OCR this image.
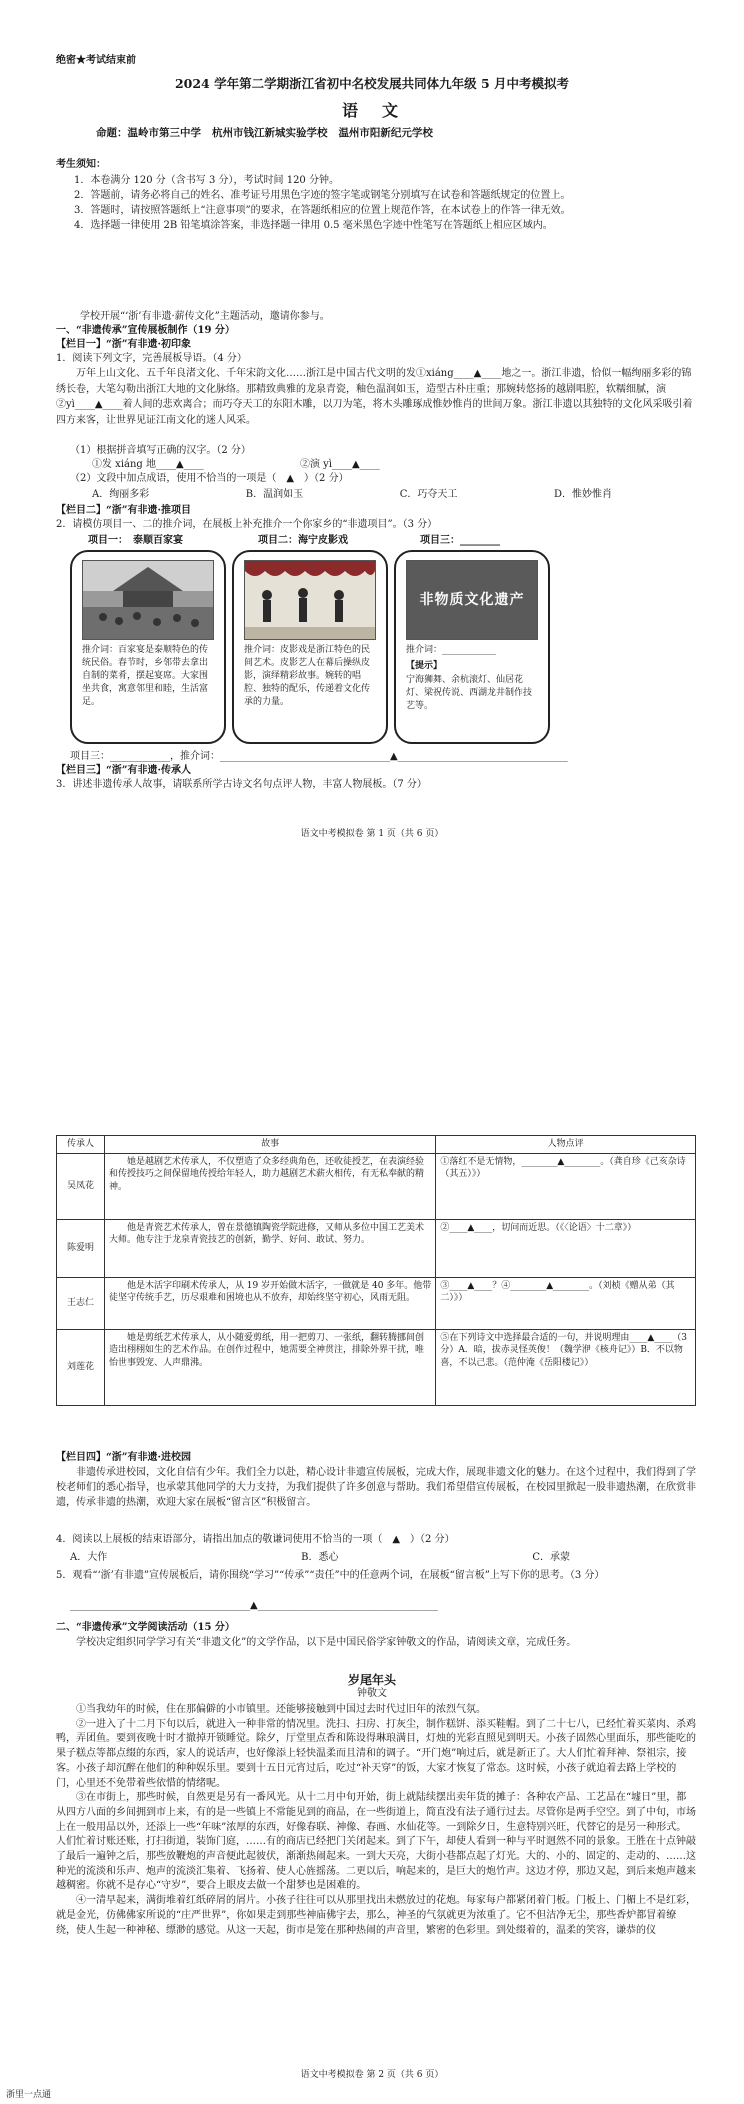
绝密★考试结束前
2024 学年第二学期浙江省初中名校发展共同体九年级 5 月中考模拟考
语　文
命题：温岭市第三中学 杭州市钱江新城实验学校 温州市阳新纪元学校
考生须知：
1．本卷满分 120 分（含书写 3 分），考试时间 120 分钟。
2．答题前，请务必将自己的姓名、准考证号用黑色字迹的签字笔或钢笔分别填写在试卷和答题纸规定的位置上。
3．答题时，请按照答题纸上“注意事项”的要求，在答题纸相应的位置上规范作答，在本试卷上的作答一律无效。
4．选择题一律使用 2B 铅笔填涂答案，非选择题一律用 0.5 毫米黑色字迹中性笔写在答题纸上相应区域内。
学校开展“‘浙’有非遗·薪传文化”主题活动，邀请你参与。
一、“非遗传承”宣传展板制作（19 分）
【栏目一】“浙”有非遗·初印象
1．阅读下列文字，完善展板导语。（4 分）
万年上山文化、五千年良渚文化、千年宋韵文化……浙江是中国古代文明的发①xiáng____▲____地之一。浙江非遗，恰似一幅绚丽多彩的锦绣长卷，大笔勾勒出浙江大地的文化脉络。那精致典雅的龙泉青瓷，釉色温润如玉，造型古朴庄重；那婉转悠扬的越剧唱腔，软糯细腻，演②yì____▲____着人间的悲欢离合；而巧夺天工的东阳木雕，以刀为笔，将木头雕琢成惟妙惟肖的世间万象。浙江非遗以其独特的文化风采吸引着四方来客，让世界见证江南文化的迷人风采。
（1）根据拼音填写正确的汉字。（2 分）
①发 xiáng 地____▲____	②演 yì____▲____
（2）文段中加点成语，使用不恰当的一项是（　▲　）（2 分）
A．绚丽多彩	B．温润如玉	C．巧夺天工	D．惟妙惟肖
【栏目二】“浙”有非遗·推项目
2．请模仿项目一、二的推介词，在展板上补充推介一个你家乡的“非遗项目”。（3 分）
项目一：　泰顺百家宴	项目二：海宁皮影戏	项目三：________
推介词：百家宴是泰顺特色的传统民俗。春节时，乡邻带去拿出自制的菜肴，摆起宴席。大家围坐共食，寓意邻里和睦，生活富足。
推介词：皮影戏是浙江特色的民间艺术。皮影艺人在幕后操纵皮影，演绎精彩故事。婉转的唱腔、独特的配乐，传递着文化传承的力量。
非物质文化遗产
推介词：____________
【提示】
宁海狮舞、余杭滚灯、仙居花灯、梁祝传说、西湖龙井制作技艺等。
项目三：____________，推介词：__________________________________▲__________________________________
【栏目三】“浙”有非遗·传承人
3．讲述非遗传承人故事，请联系所学古诗文名句点评人物，丰富人物展板。（7 分）
语文中考模拟卷 第 1 页（共 6 页）
传承人	故事	人物点评
吴凤花	她是越剧艺术传承人，不仅塑造了众多经典角色，还收徒授艺，在表演经验和传授技巧之间保留地传授给年轻人，助力越剧艺术薪火相传，有无私奉献的精神。	①落红不是无情物，________▲________。（龚自珍《己亥杂诗（其五）》）
陈爱明	他是青瓷艺术传承人，曾在景德镇陶瓷学院进修，又师从多位中国工艺美术大师。他专注于龙泉青瓷技艺的创新，勤学、好问、敢试、努力。	②____▲____，切问而近思。（《〈论语〉十二章》）
王志仁	他是木活字印刷术传承人，从 19 岁开始做木活字，一做就是 40 多年。他带徒坚守传统手艺，历尽艰难和困境也从不放弃，却始终坚守初心，风雨无阻。	③____▲____？④________▲________。（刘桢《赠从弟（其二）》）
刘莲花	她是剪纸艺术传承人，从小随爱剪纸，用一把剪刀、一张纸，翻转腾挪间创造出栩栩如生的艺术作品。在创作过程中，她需要全神贯注，排除外界干扰，唯怡世事毁宠、人声鼎沸。	⑤在下列诗文中选择最合适的一句，并说明理由____▲____（3 分）A．暗，拔赤灵怪英俊！（魏学洢《核舟记》）B．不以物喜，不以己悲。（范仲淹《岳阳楼记》）
【栏目四】“浙”有非遗·进校园
非遗传承进校园，文化自信有少年。我们全力以赴，精心设计非遗宣传展板，完成大作，展现非遗文化的魅力。在这个过程中，我们得到了学校老师们的悉心指导，也承蒙其他同学的大力支持，为我们提供了许多创意与帮助。我们希望借宣传展板，在校园里掀起一股非遗热潮，在欣赏非遗，传承非遗的热潮，欢迎大家在展板“留言区”积极留言。
4．阅读以上展板的结束语部分，请指出加点的敬谦词使用不恰当的一项（　▲　）（2 分）
A．大作	B．悉心	C．承蒙
5．观看“‘浙’有非遗”宣传展板后，请你围绕“学习”“传承”“责任”中的任意两个词，在展板“留言板”上写下你的思考。（3 分）
____________________________________▲____________________________________
二、“非遗传承”文学阅读活动（15 分）
学校决定组织同学学习有关“非遗文化”的文学作品，以下是中国民俗学家钟敬文的作品，请阅读文章，完成任务。
岁尾年头
钟敬文
①当我幼年的时候，住在那偏僻的小市镇里。还能够接触到中国过去时代过旧年的浓烈气氛。
②一进入了十二月下旬以后，就进入一种非常的情况里。洗扫、扫房、打灰尘，制作糕饼、添买鞋帽。到了二十七八，已经忙着买菜肉、杀鸡鸭，弄团鱼。要到夜晚十时才撤掉开锁睡觉。除夕，厅堂里点香和陈设得琳琅满目，灯烛的光彩直照见到明天。小孩子固然心里面乐，那些能吃的果子糕点等都点缀的东西，家人的说话声，也好像添上轻快温柔而且清和的调子。“开门炮”响过后，就是新正了。大人们忙着拜神、祭祖宗，接客。小孩子却沉醉在他们的种种娱乐里。要到十五日元宵过后，吃过“补天穿”的饭，大家才恢复了常态。这时候，小孩子就迫着去路上学校的门，心里还不免带着些依惜的情绪呢。
③在市街上，那些时候，自然更是另有一番风光。从十二月中旬开始，街上就陆续摆出卖年货的摊子：各种农产品、工艺品在“墟日”里，都从四方八面的乡间拥到市上来，有的是一些镇上不常能见到的商品，在一些街道上，简直没有法子通行过去。尽管你是两手空空。到了中旬，市场上在一般用品以外，还添上一些“年味”浓厚的东西，好像春联、神像、春画、水仙花等。一到除夕日，生意特别兴旺，代替它的是另一种形式。人们忙着讨账还账，打扫街道，装饰门庭，……有的商店已经把门关闭起来。到了下午，却使人看到一种与平时迥然不同的景象。王胜在十点钟敲了最后一遍钟之后，那些放鞭炮的声音便此起彼伏，渐渐热闹起来。一到大天亮，大街小巷都点起了灯光。大的、小的、固定的、走动的、……这种光的流淡和乐声、炮声的流淡汇集着、飞扬着、使人心旌摇荡。二更以后，响起来的，是巨大的炮竹声。这边才停，那边又起，到后来炮声越来越稠密。你就不是存心“守岁”，要合上眼皮去做一个甜梦也是困难的。
④一清早起来，满街堆着红纸碎屑的屑片。小孩子往往可以从那里找出未燃放过的花炮。每家每户都紧闭着门板。门板上、门楣上不是红彩，就是金光，仿佛佛家所说的“庄严世界”，你如果走到那些神庙佛宇去，那么，神圣的气氛就更为浓重了。它不但洁净无尘，那些香炉都冒着缭绕，使人生起一种神秘、缥渺的感觉。从这一天起，街市是笼在那种热闹的声音里，繁密的色彩里。到处缀着的，温柔的笑容，谦恭的仪
语文中考模拟卷 第 2 页（共 6 页）
浙里一点通
